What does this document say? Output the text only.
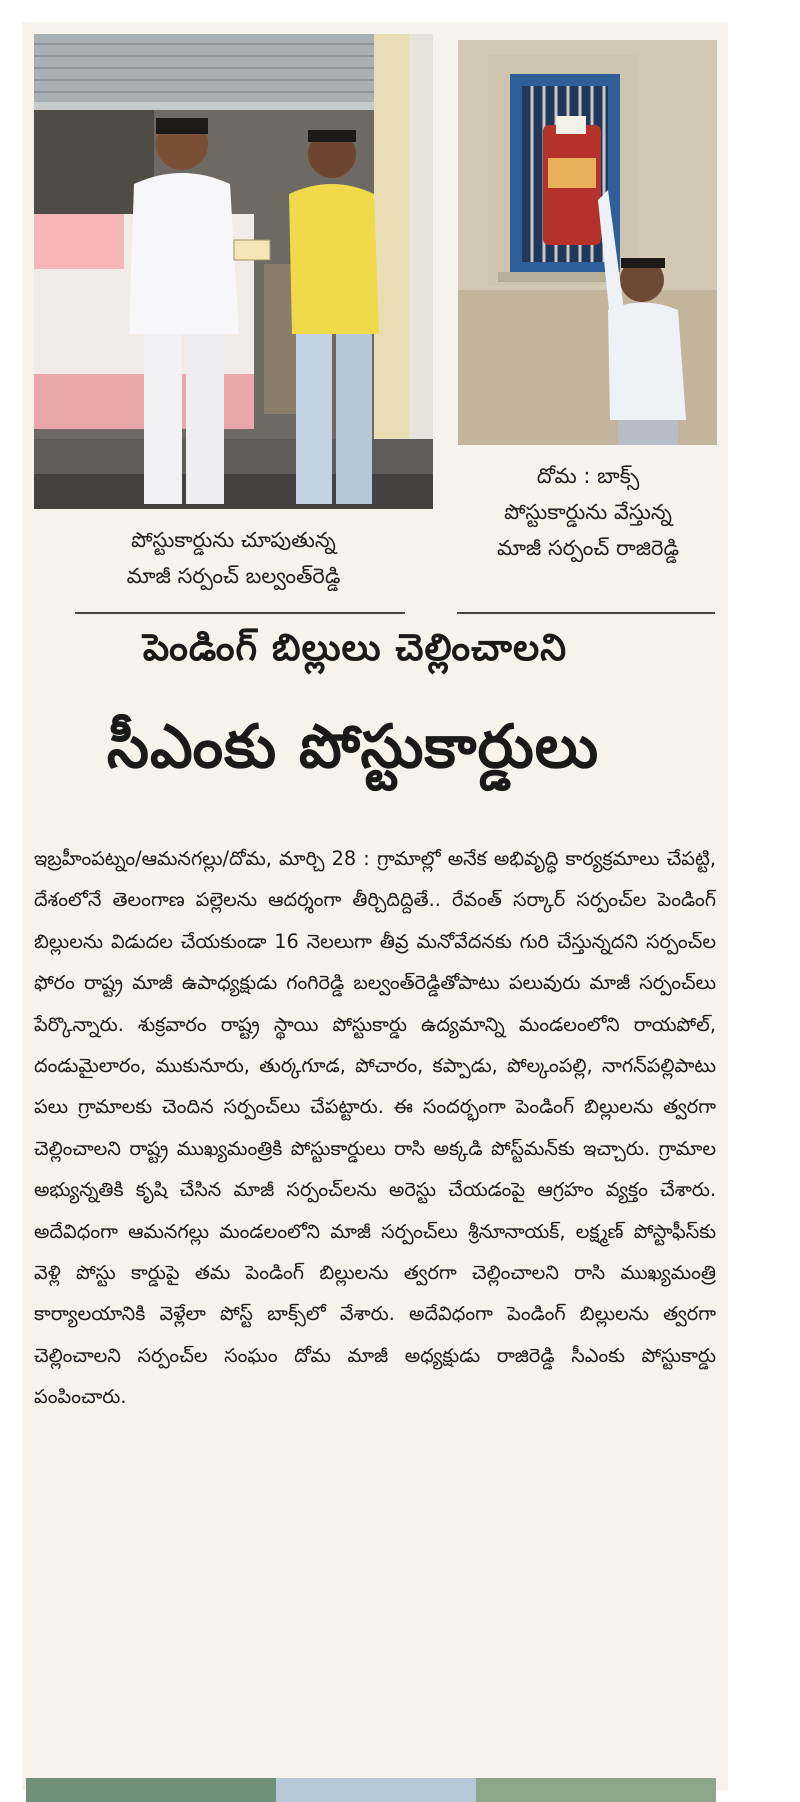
పోస్టుకార్డును చూపుతున్న
మాజీ సర్పంచ్ బల్వంత్‌రెడ్డి
దోమ : బాక్స్
పోస్టుకార్డును వేస్తున్న
మాజీ సర్పంచ్ రాజిరెడ్డి
పెండింగ్ బిల్లులు చెల్లించాలని
సీఎంకు పోస్టుకార్డులు
ఇబ్రహీంపట్నం/ఆమనగల్లు/దోమ, మార్చి 28 : గ్రామాల్లో అనేక అభివృద్ధి కార్యక్రమాలు చేపట్టి, దేశంలోనే తెలంగాణ పల్లెలను ఆదర్శంగా తీర్చిదిద్దితే.. రేవంత్ సర్కార్ సర్పంచ్‌ల పెండింగ్ బిల్లులను విడుదల చేయకుండా 16 నెలలుగా తీవ్ర మనోవేదనకు గురి చేస్తున్నదని సర్పంచ్‌ల ఫోరం రాష్ట్ర మాజీ ఉపాధ్యక్షుడు గంగిరెడ్డి బల్వంత్‌రెడ్డితోపాటు పలువురు మాజీ సర్పంచ్‌లు పేర్కొన్నారు. శుక్రవారం రాష్ట్ర స్థాయి పోస్టుకార్డు ఉద్యమాన్ని మండలంలోని రాయపోల్, దండుమైలారం, ముకునూరు, తుర్కగూడ, పోచారం, కప్పాడు, పోల్కంపల్లి, నాగన్‌పల్లిపాటు పలు గ్రామాలకు చెందిన సర్పంచ్‌లు చేపట్టారు. ఈ సందర్భంగా పెండింగ్ బిల్లులను త్వరగా చెల్లించాలని రాష్ట్ర ముఖ్యమంత్రికి పోస్టుకార్డులు రాసి అక్కడి పోస్ట్‌మన్‌కు ఇచ్చారు. గ్రామాల అభ్యున్నతికి కృషి చేసిన మాజీ సర్పంచ్‌లను అరెస్టు చేయడంపై ఆగ్రహం వ్యక్తం చేశారు. అదేవిధంగా ఆమనగల్లు మండలంలోని మాజీ సర్పంచ్‌లు శ్రీనూనాయక్, లక్ష్మణ్ పోస్టాఫీస్‌కు వెళ్లి పోస్టు కార్డుపై తమ పెండింగ్ బిల్లులను త్వరగా చెల్లించాలని రాసి ముఖ్యమంత్రి కార్యాలయానికి వెళ్లేలా పోస్ట్ బాక్స్‌లో వేశారు. అదేవిధంగా పెండింగ్ బిల్లులను త్వరగా చెల్లించాలని సర్పంచ్‌ల సంఘం దోమ మాజీ అధ్యక్షుడు రాజిరెడ్డి సీఎంకు పోస్టుకార్డు పంపించారు.
